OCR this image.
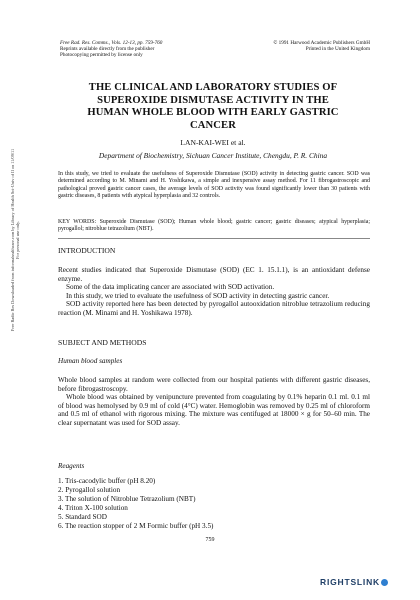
Free Radic Res Downloaded from informahealthcare.com by Library of Health Sci-Univ of Il on 11/09/11 For personal use only.
Free Rad. Res. Comms., Vols. 12-13, pp. 759-760
Reprints available directly from the publisher
Photocopying permitted by license only
© 1991 Harwood Academic Publishers GmbH
Printed in the United Kingdom
THE CLINICAL AND LABORATORY STUDIES OF
SUPEROXIDE DISMUTASE ACTIVITY IN THE
HUMAN WHOLE BLOOD WITH EARLY GASTRIC
CANCER
LAN-KAI-WEI et al.
Department of Biochemistry, Sichuan Cancer Institute, Chengdu, P. R. China
In this study, we tried to evaluate the usefulness of Superoxide Dismutase (SOD) activity in detecting gastric cancer. SOD was determined according to M. Minami and H. Yoshikawa, a simple and inexpensive assay method. For 11 fibrogastroscopic and pathological proved gastric cancer cases, the average levels of SOD activity was found significantly lower than 30 patients with gastric diseases, 8 patients with atypical hyperplasia and 32 controls.
KEY WORDS: Superoxide Dismutase (SOD); Human whole blood; gastric cancer; gastric diseases; atypical hyperplasia; pyrogallol; nitroblue tetrazolium (NBT).
INTRODUCTION

Recent studies indicated that Superoxide Dismutase (SOD) (EC 1. 15.1.1), is an antioxidant defense enzyme.

Some of the data implicating cancer are associated with SOD activation.

In this study, we tried to evaluate the usefulness of SOD activity in detecting gastric cancer.

SOD activity reported here has been detected by pyrogallol autooxidation nitroblue tetrazolium reducing reaction (M. Minami and H. Yoshikawa 1978).

SUBJECT AND METHODS
Human blood samples

Whole blood samples at random were collected from our hospital patients with different gastric diseases, before fibrogastroscopy.

Whole blood was obtained by venipuncture prevented from coagulating by 0.1% heparin 0.1 ml. 0.1 ml of blood was hemolysed by 0.9 ml of cold (4°C) water. Hemoglobin was removed by 0.25 ml of chloroform and 0.5 ml of ethanol with rigorous mixing. The mixture was centifuged at 18000 × g for 50–60 min. The clear supernatant was used for SOD assay.

Reagents
1. Tris-cacodylic buffer (pH 8.20)
2. Pyrogallol solution
3. The solution of Nitroblue Tetrazolium (NBT)
4. Triton X-100 solution
5. Standard SOD
6. The reaction stopper of 2 M Formic buffer (pH 3.5)
759
RIGHTSLINK
